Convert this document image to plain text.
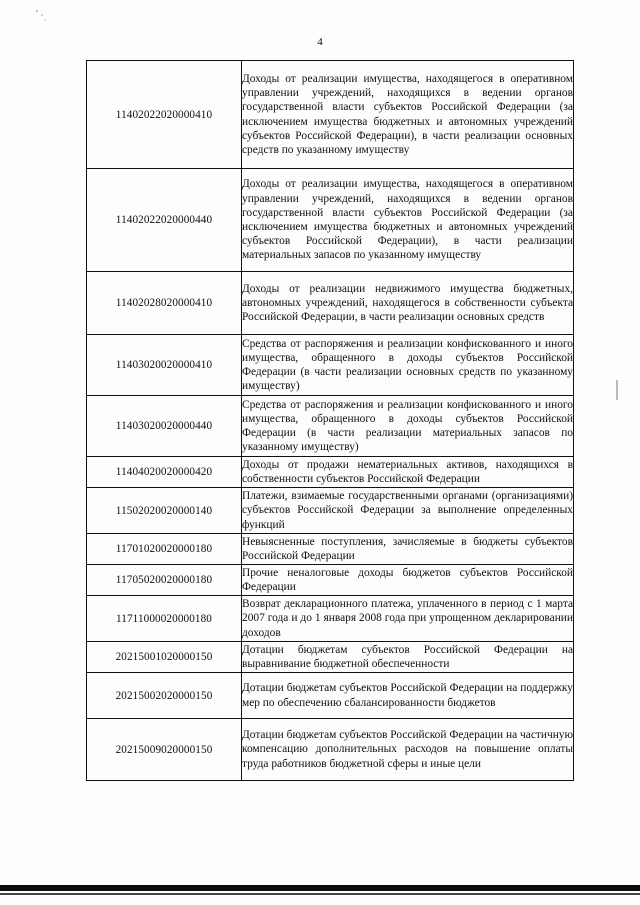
4
11402022020000410	Доходы от реализации имущества, находящегося в оперативном управлении учреждений, находящихся в ведении органов государственной власти субъектов Российской Федерации (за исключением имущества бюджетных и автономных учреждений субъектов Российской Федерации), в части реализации основных средств по указанному имуществу
11402022020000440	Доходы от реализации имущества, находящегося в оперативном управлении учреждений, находящихся в ведении органов государственной власти субъектов Российской Федерации (за исключением имущества бюджетных и автономных учреждений субъектов Российской Федерации), в части реализации материальных запасов по указанному имуществу
11402028020000410	Доходы от реализации недвижимого имущества бюджетных, автономных учреждений, находящегося в собственности субъекта Российской Федерации, в части реализации основных средств
11403020020000410	Средства от распоряжения и реализации конфискованного и иного имущества, обращенного в доходы субъектов Российской Федерации (в части реализации основных средств по указанному имуществу)
11403020020000440	Средства от распоряжения и реализации конфискованного и иного имущества, обращенного в доходы субъектов Российской Федерации (в части реализации материальных запасов по указанному имуществу)
11404020020000420	Доходы от продажи нематериальных активов, находящихся в собственности субъектов Российской Федерации
11502020020000140	Платежи, взимаемые государственными органами (организациями) субъектов Российской Федерации за выполнение определенных функций
11701020020000180	Невыясненные поступления, зачисляемые в бюджеты субъектов Российской Федерации
11705020020000180	Прочие неналоговые доходы бюджетов субъектов Российской Федерации
11711000020000180	Возврат декларационного платежа, уплаченного в период с 1 марта 2007 года и до 1 января 2008 года при упрощенном декларировании доходов
20215001020000150	Дотации бюджетам субъектов Российской Федерации на выравнивание бюджетной обеспеченности
20215002020000150	Дотации бюджетам субъектов Российской Федерации на поддержку мер по обеспечению сбалансированности бюджетов
20215009020000150	Дотации бюджетам субъектов Российской Федерации на частичную компенсацию дополнительных расходов на повышение оплаты труда работников бюджетной сферы и иные цели
